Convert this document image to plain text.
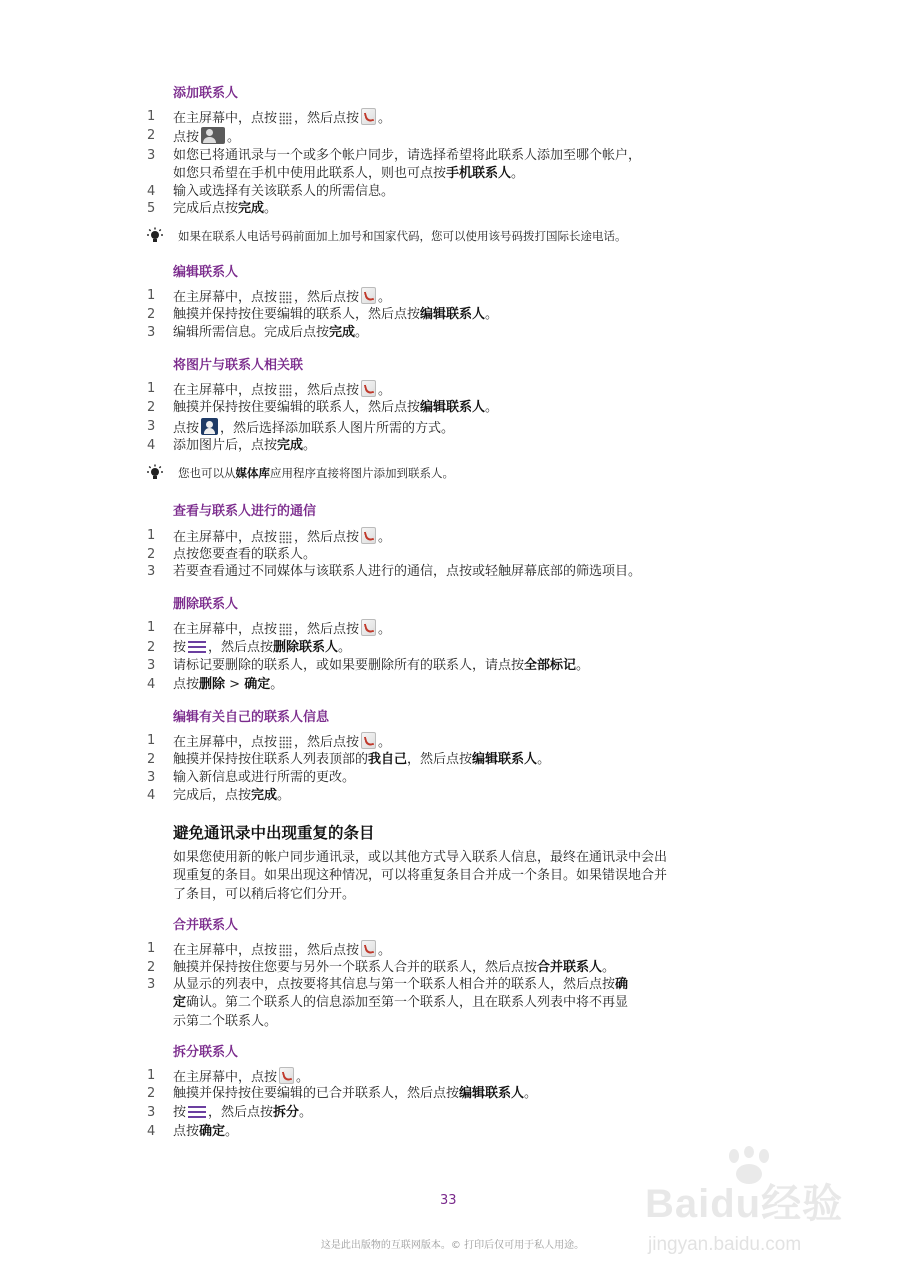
添加联系人
1	在主屏幕中，点按 ，然后点按 。
2	点按 。
3	如您已将通讯录与一个或多个帐户同步，请选择希望将此联系人添加至哪个帐户，
如您只希望在手机中使用此联系人，则也可点按手机联系人。
4	输入或选择有关该联系人的所需信息。
5	完成后点按完成。
如果在联系人电话号码前面加上加号和国家代码，您可以使用该号码拨打国际长途电话。
编辑联系人
1	在主屏幕中，点按 ，然后点按 。
2	触摸并保持按住要编辑的联系人，然后点按编辑联系人。
3	编辑所需信息。完成后点按完成。
将图片与联系人相关联
1	在主屏幕中，点按 ，然后点按 。
2	触摸并保持按住要编辑的联系人，然后点按编辑联系人。
3	点按 ，然后选择添加联系人图片所需的方式。
4	添加图片后，点按完成。
您也可以从媒体库应用程序直接将图片添加到联系人。
查看与联系人进行的通信
1	在主屏幕中，点按 ，然后点按 。
2	点按您要查看的联系人。
3	若要查看通过不同媒体与该联系人进行的通信，点按或轻触屏幕底部的筛选项目。
删除联系人
1	在主屏幕中，点按 ，然后点按 。
2	按 ，然后点按删除联系人。
3	请标记要删除的联系人，或如果要删除所有的联系人，请点按全部标记。
4	点按删除 > 确定。
编辑有关自己的联系人信息
1	在主屏幕中，点按 ，然后点按 。
2	触摸并保持按住联系人列表顶部的我自己，然后点按编辑联系人。
3	输入新信息或进行所需的更改。
4	完成后，点按完成。
避免通讯录中出现重复的条目
如果您使用新的帐户同步通讯录，或以其他方式导入联系人信息，最终在通讯录中会出
现重复的条目。如果出现这种情况，可以将重复条目合并成一个条目。如果错误地合并
了条目，可以稍后将它们分开。
合并联系人
1	在主屏幕中，点按 ，然后点按 。
2	触摸并保持按住您要与另外一个联系人合并的联系人，然后点按合并联系人。
3	从显示的列表中，点按要将其信息与第一个联系人相合并的联系人，然后点按确
定确认。第二个联系人的信息添加至第一个联系人，且在联系人列表中将不再显
示第二个联系人。
拆分联系人
1	在主屏幕中，点按 。
2	触摸并保持按住要编辑的已合并联系人，然后点按编辑联系人。
3	按 ，然后点按拆分。
4	点按确定。
33
这是此出版物的互联网版本。© 打印后仅可用于私人用途。
Baidu经验
jingyan.baidu.com
